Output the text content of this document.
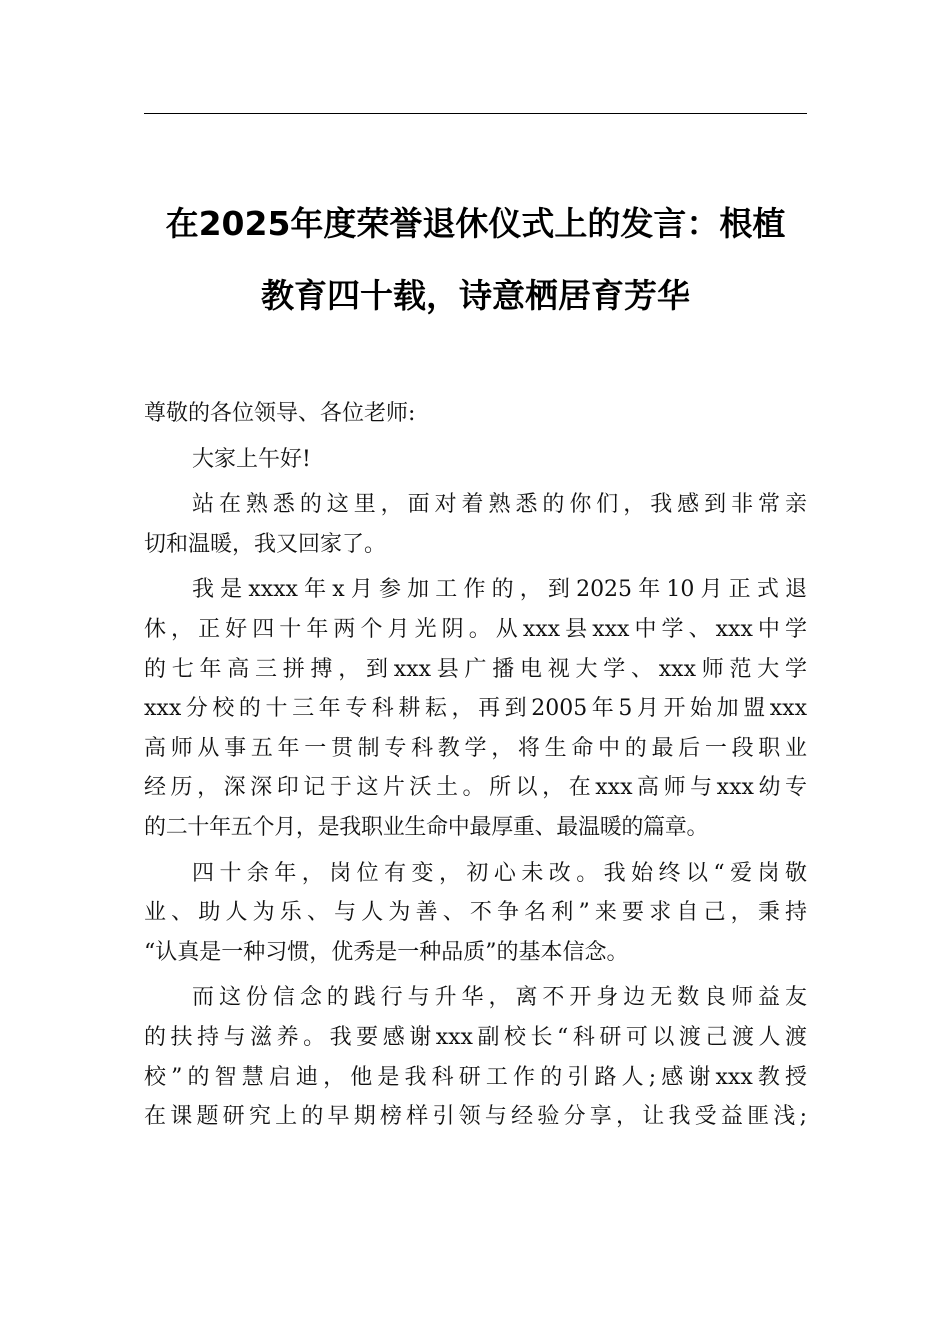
在2025年度荣誉退休仪式上的发言：根植
教育四十载，诗意栖居育芳华

尊敬的各位领导、各位老师:

大家上午好!

站在熟悉的这里，面对着熟悉的你们，我感到非常亲
切和温暖，我又回家了。

我是xxxx年x月参加工作的，到2025年10月正式退
休，正好四十年两个月光阴。从xxx县xxx中学、xxx中学
的七年高三拼搏，到xxx县广播电视大学、xxx师范大学
xxx分校的十三年专科耕耘，再到2005年5月开始加盟xxx
高师从事五年一贯制专科教学，将生命中的最后一段职业
经历，深深印记于这片沃土。所以，在xxx高师与xxx幼专
的二十年五个月，是我职业生命中最厚重、最温暖的篇章。

四十余年，岗位有变，初心未改。我始终以“爱岗敬
业、助人为乐、与人为善、不争名利”来要求自己，秉持
“认真是一种习惯，优秀是一种品质”的基本信念。

而这份信念的践行与升华，离不开身边无数良师益友
的扶持与滋养。我要感谢xxx副校长“科研可以渡己渡人渡
校”的智慧启迪，他是我科研工作的引路人;感谢xxx教授
在课题研究上的早期榜样引领与经验分享，让我受益匪浅;
